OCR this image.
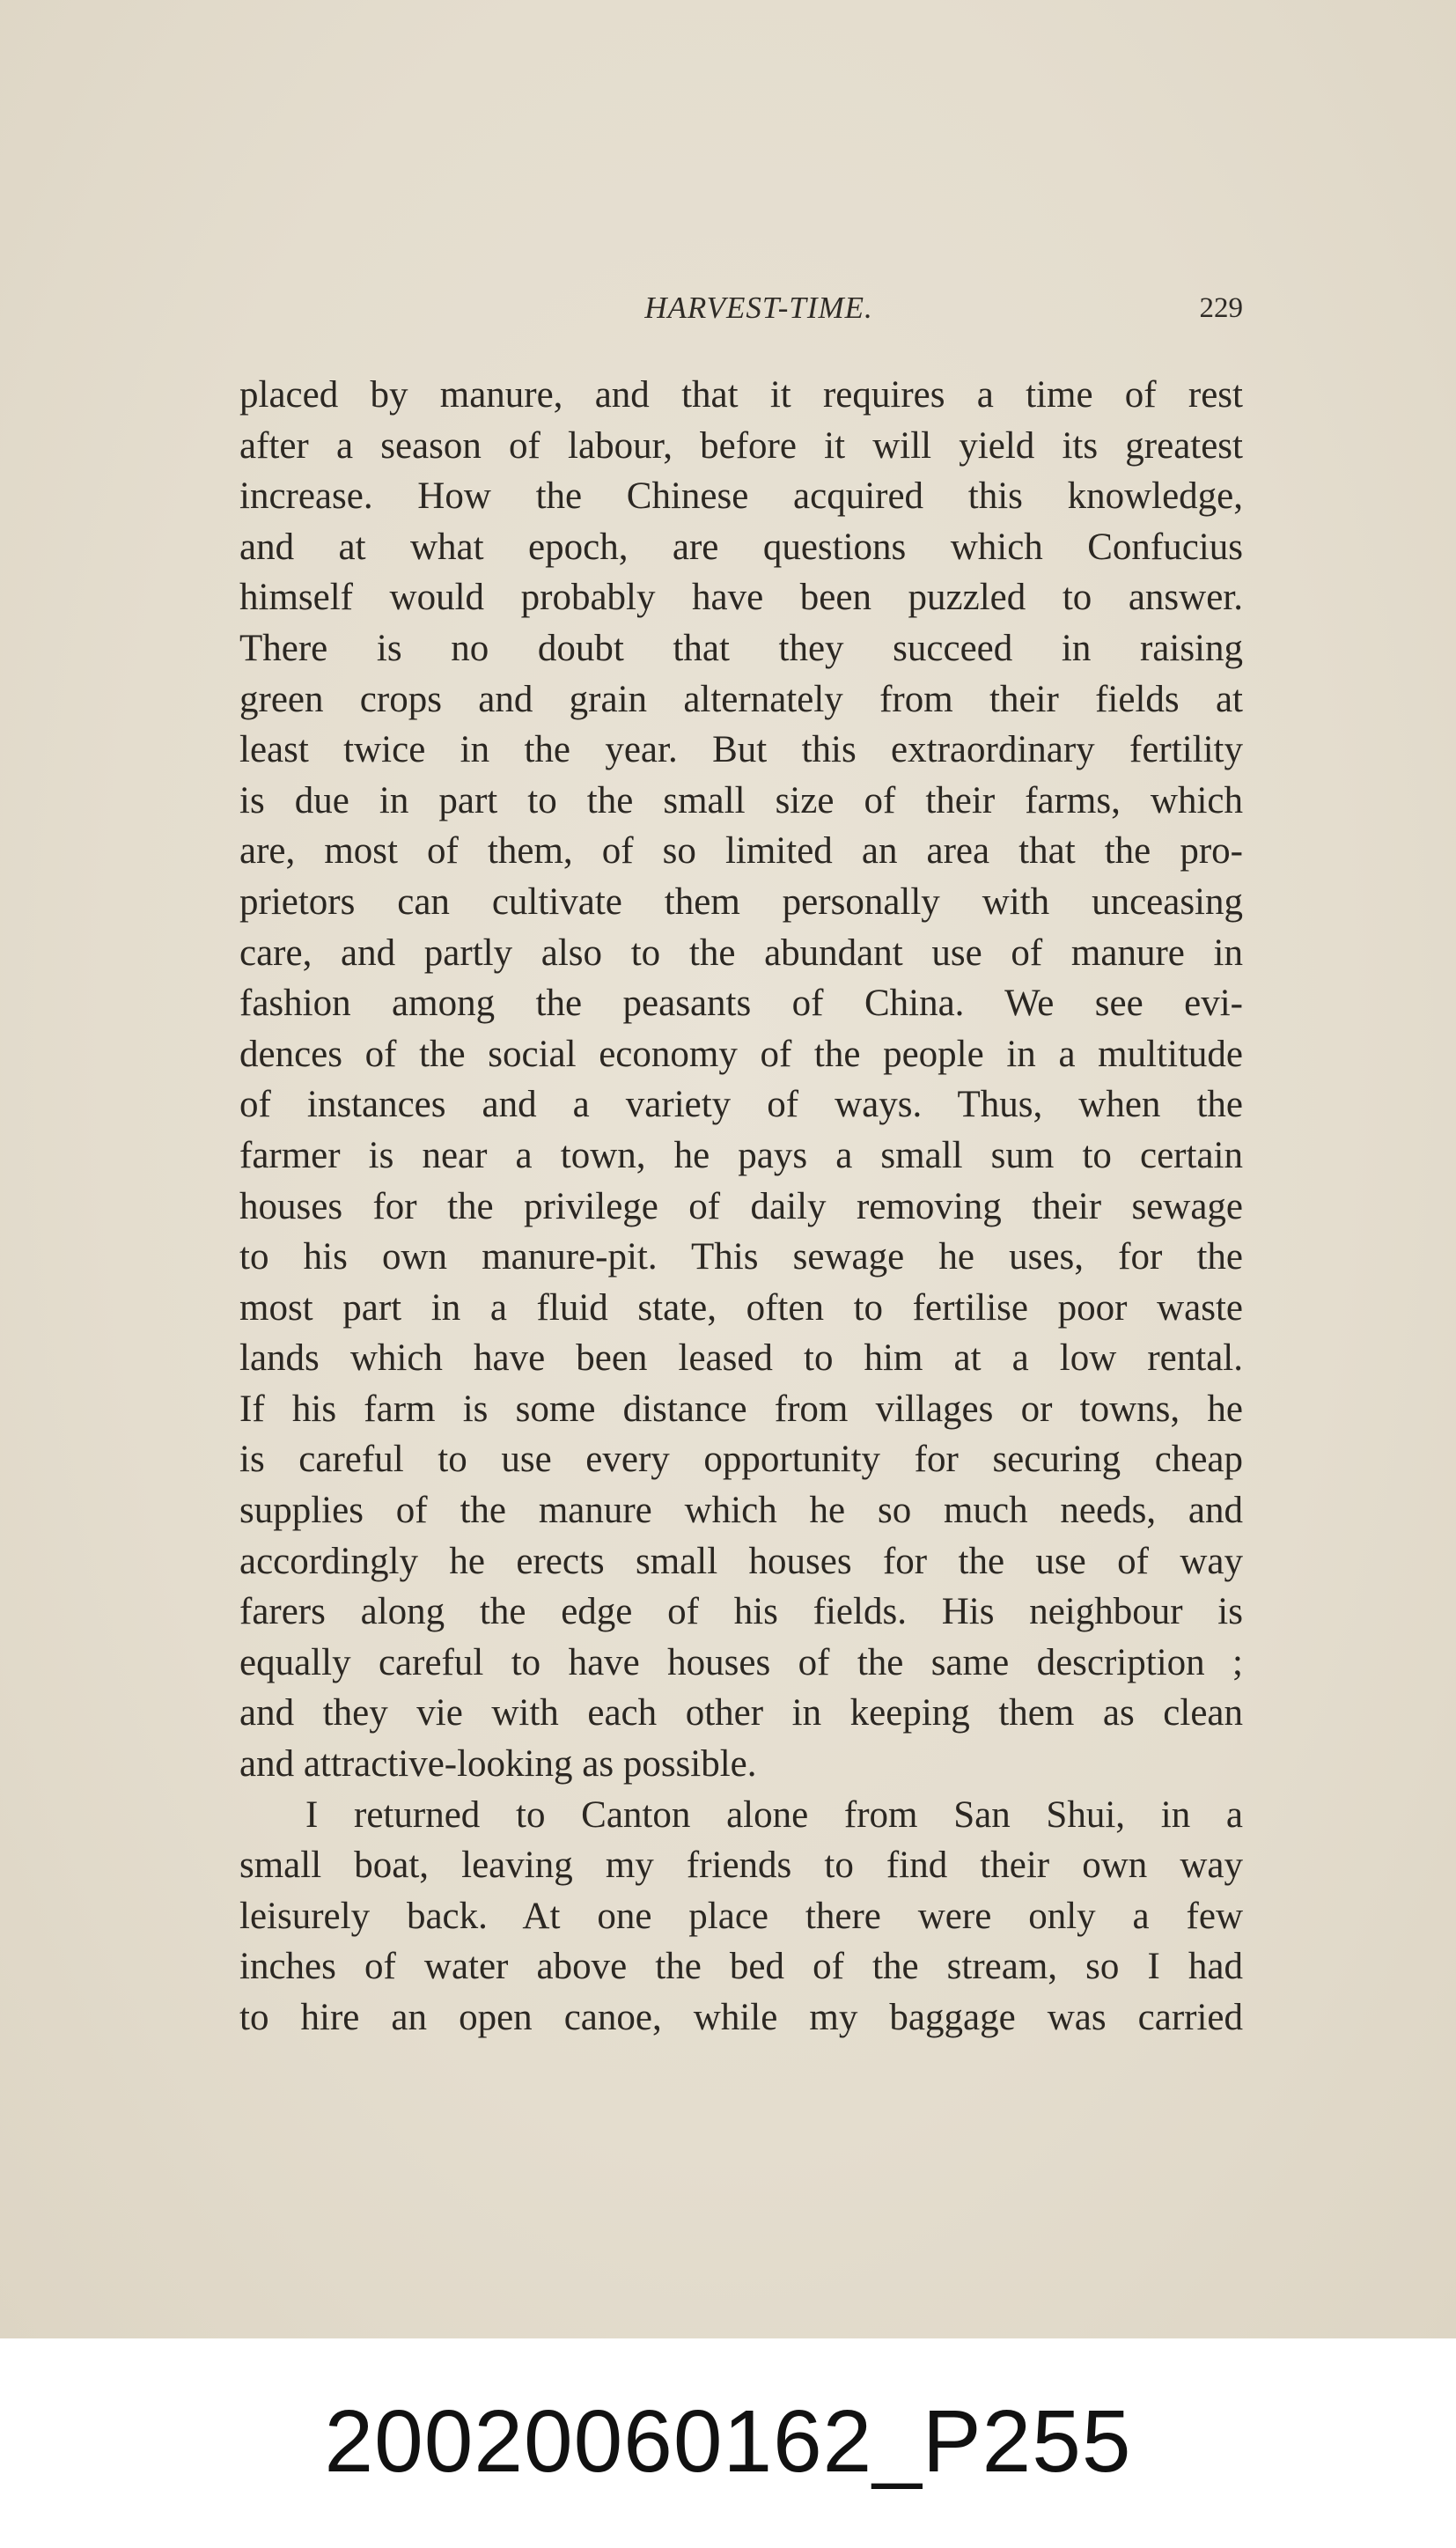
HARVEST-TIME.	229
placed by manure, and that it requires a time of rest
after a season of labour, before it will yield its greatest
increase. How the Chinese acquired this knowledge,
and at what epoch, are questions which Confucius
himself would probably have been puzzled to answer.
There is no doubt that they succeed in raising
green crops and grain alternately from their fields at
least twice in the year. But this extraordinary fertility
is due in part to the small size of their farms, which
are, most of them, of so limited an area that the pro-
prietors can cultivate them personally with unceasing
care, and partly also to the abundant use of manure in
fashion among the peasants of China. We see evi-
dences of the social economy of the people in a multitude
of instances and a variety of ways. Thus, when the
farmer is near a town, he pays a small sum to certain
houses for the privilege of daily removing their sewage
to his own manure-pit. This sewage he uses, for the
most part in a fluid state, often to fertilise poor waste
lands which have been leased to him at a low rental.
If his farm is some distance from villages or towns, he
is careful to use every opportunity for securing cheap
supplies of the manure which he so much needs, and
accordingly he erects small houses for the use of way
farers along the edge of his fields. His neighbour is
equally careful to have houses of the same description ;
and they vie with each other in keeping them as clean
and attractive-looking as possible.
I returned to Canton alone from San Shui, in a
small boat, leaving my friends to find their own way
leisurely back. At one place there were only a few
inches of water above the bed of the stream, so I had
to hire an open canoe, while my baggage was carried
20020060162_P255
